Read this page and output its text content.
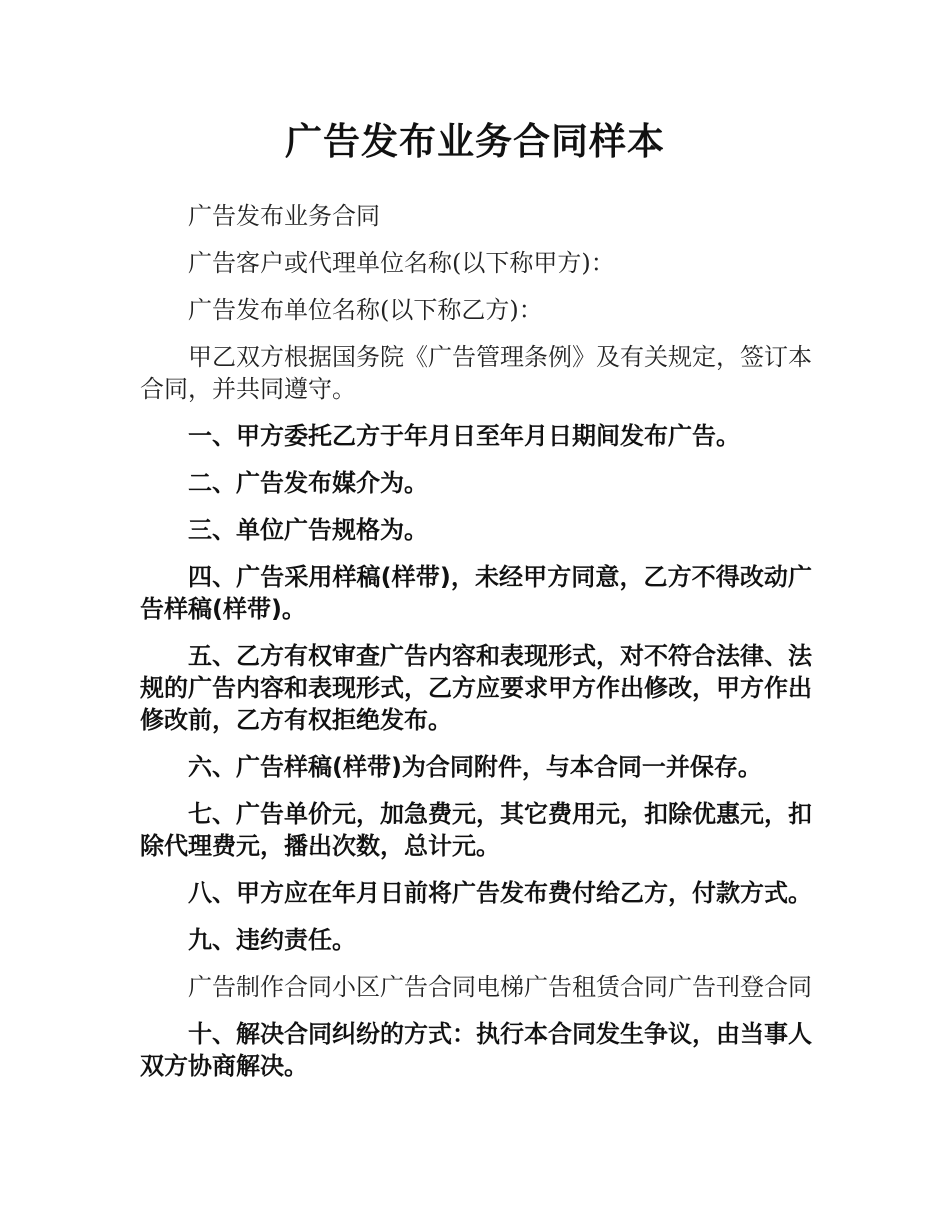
广告发布业务合同样本

广告发布业务合同

广告客户或代理单位名称(以下称甲方)：

广告发布单位名称(以下称乙方)：

甲乙双方根据国务院《广告管理条例》及有关规定，签订本合同，并共同遵守。

一、甲方委托乙方于年月日至年月日期间发布广告。

二、广告发布媒介为。

三、单位广告规格为。

四、广告采用样稿(样带)，未经甲方同意，乙方不得改动广告样稿(样带)。

五、乙方有权审查广告内容和表现形式，对不符合法律、法规的广告内容和表现形式，乙方应要求甲方作出修改，甲方作出修改前，乙方有权拒绝发布。

六、广告样稿(样带)为合同附件，与本合同一并保存。

七、广告单价元，加急费元，其它费用元，扣除优惠元，扣除代理费元，播出次数，总计元。

八、甲方应在年月日前将广告发布费付给乙方，付款方式。

九、违约责任。

广告制作合同小区广告合同电梯广告租赁合同广告刊登合同

十、解决合同纠纷的方式：执行本合同发生争议，由当事人双方协商解决。
